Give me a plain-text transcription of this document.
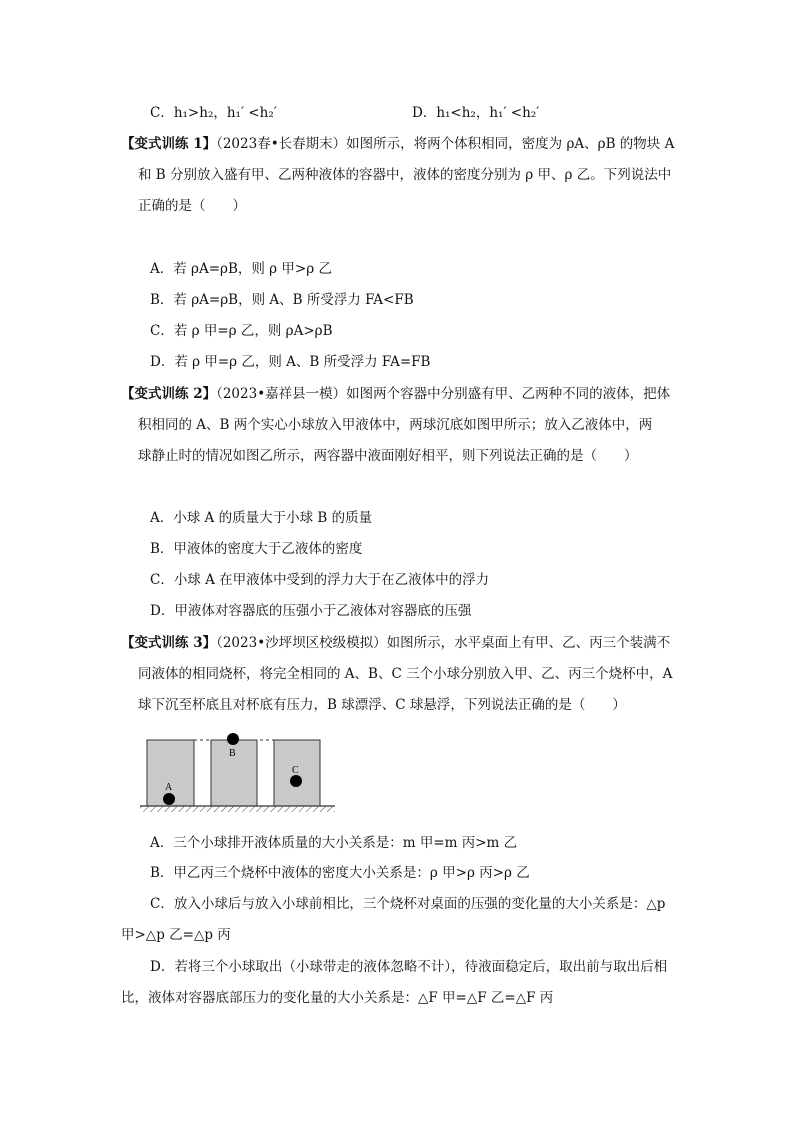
C．h₁>h₂，h₁′ <h₂′	D．h₁<h₂，h₁′ <h₂′
【变式训练 1】（2023春•长春期末）如图所示，将两个体积相同，密度为 ρA、ρB 的物块 A
和 B 分别放入盛有甲、乙两种液体的容器中，液体的密度分别为 ρ 甲、ρ 乙。下列说法中
正确的是（　　）
A．若 ρA=ρB，则 ρ 甲>ρ 乙
B．若 ρA=ρB，则 A、B 所受浮力 FA<FB
C．若 ρ 甲=ρ 乙，则 ρA>ρB
D．若 ρ 甲=ρ 乙，则 A、B 所受浮力 FA=FB
【变式训练 2】（2023•嘉祥县一模）如图两个容器中分别盛有甲、乙两种不同的液体，把体
积相同的 A、B 两个实心小球放入甲液体中，两球沉底如图甲所示；放入乙液体中，两
球静止时的情况如图乙所示，两容器中液面刚好相平，则下列说法正确的是（　　）
A．小球 A 的质量大于小球 B 的质量
B．甲液体的密度大于乙液体的密度
C．小球 A 在甲液体中受到的浮力大于在乙液体中的浮力
D．甲液体对容器底的压强小于乙液体对容器底的压强
【变式训练 3】（2023•沙坪坝区校级模拟）如图所示，水平桌面上有甲、乙、丙三个装满不
同液体的相同烧杯，将完全相同的 A、B、C 三个小球分别放入甲、乙、丙三个烧杯中，A
球下沉至杯底且对杯底有压力，B 球漂浮、C 球悬浮，下列说法正确的是（　　）
A
B
C
A．三个小球排开液体质量的大小关系是：m 甲=m 丙>m 乙
B．甲乙丙三个烧杯中液体的密度大小关系是：ρ 甲>ρ 丙>ρ 乙
C．放入小球后与放入小球前相比，三个烧杯对桌面的压强的变化量的大小关系是：△p
甲>△p 乙=△p 丙
D．若将三个小球取出（小球带走的液体忽略不计），待液面稳定后，取出前与取出后相
比，液体对容器底部压力的变化量的大小关系是：△F 甲=△F 乙=△F 丙
